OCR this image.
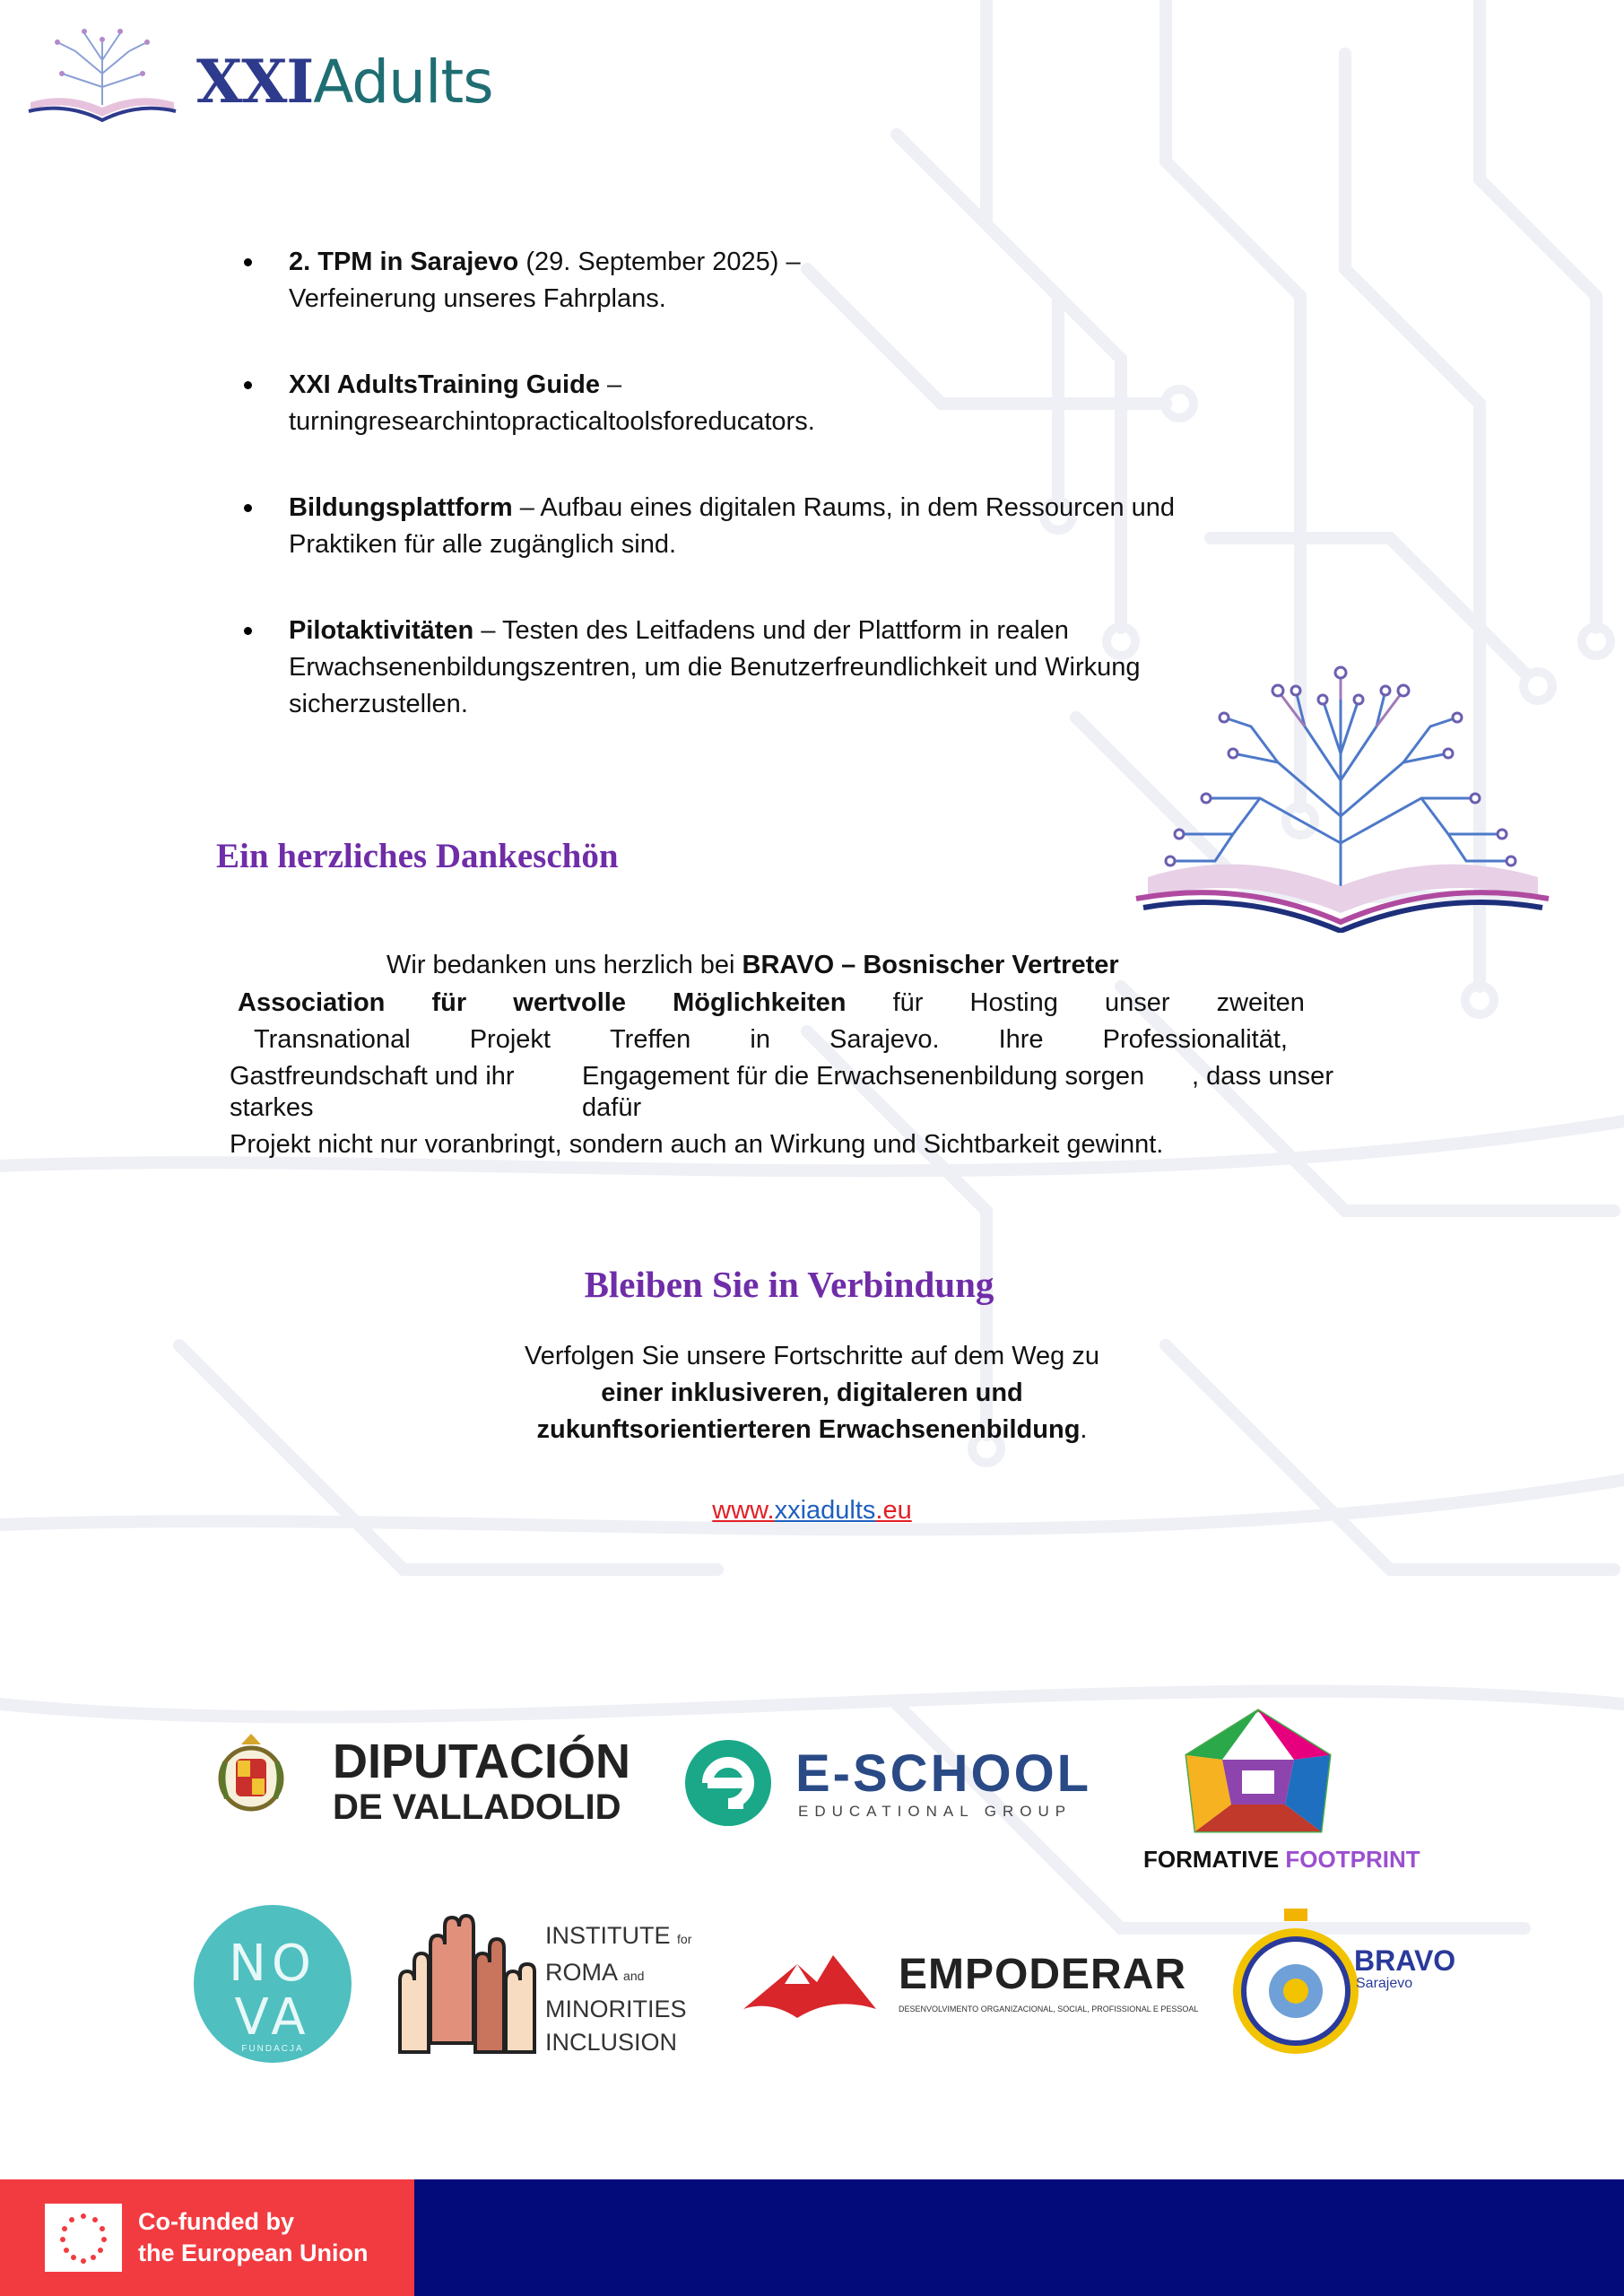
XXIAdults
2. TPM in Sarajevo (29. September 2025) –
Verfeinerung unseres Fahrplans.
XXI AdultsTraining Guide –
turningresearchintopracticaltoolsforeducators.
Bildungsplattform – Aufbau eines digitalen Raums, in dem Ressourcen und
Praktiken für alle zugänglich sind.
Pilotaktivitäten – Testen des Leitfadens und der Plattform in realen
Erwachsenenbildungszentren, um die Benutzerfreundlichkeit und Wirkung
sicherzustellen.
Ein herzliches Dankeschön
Wir bedanken uns herzlich bei BRAVO – Bosnischer Vertreter
Association für wertvolle Möglichkeiten für Hosting unser zweiten
Transnational Projekt Treffen in Sarajevo. Ihre Professionalität,
Gastfreundschaft und ihr
starkes
Engagement für die Erwachsenenbildung sorgen
dafür
, dass unser
Projekt nicht nur voranbringt, sondern auch an Wirkung und Sichtbarkeit gewinnt.
Bleiben Sie in Verbindung
Verfolgen Sie unsere Fortschritte auf dem Weg zu
einer inklusiveren, digitaleren und
zukunftsorientierteren Erwachsenenbildung.
www.xxiadults.eu
DIPUTACIÓN
DE VALLADOLID
E-SCHOOL
EDUCATIONAL GROUP
FORMATIVE FOOTPRINT
NO
VA
FUNDACJA
INSTITUTE for
ROMA and
MINORITIES
INCLUSION
EMPODERAR
DESENVOLVIMENTO ORGANIZACIONAL, SOCIAL, PROFISSIONAL E PESSOAL
BRAVO
Sarajevo
Co-funded by
the European Union
